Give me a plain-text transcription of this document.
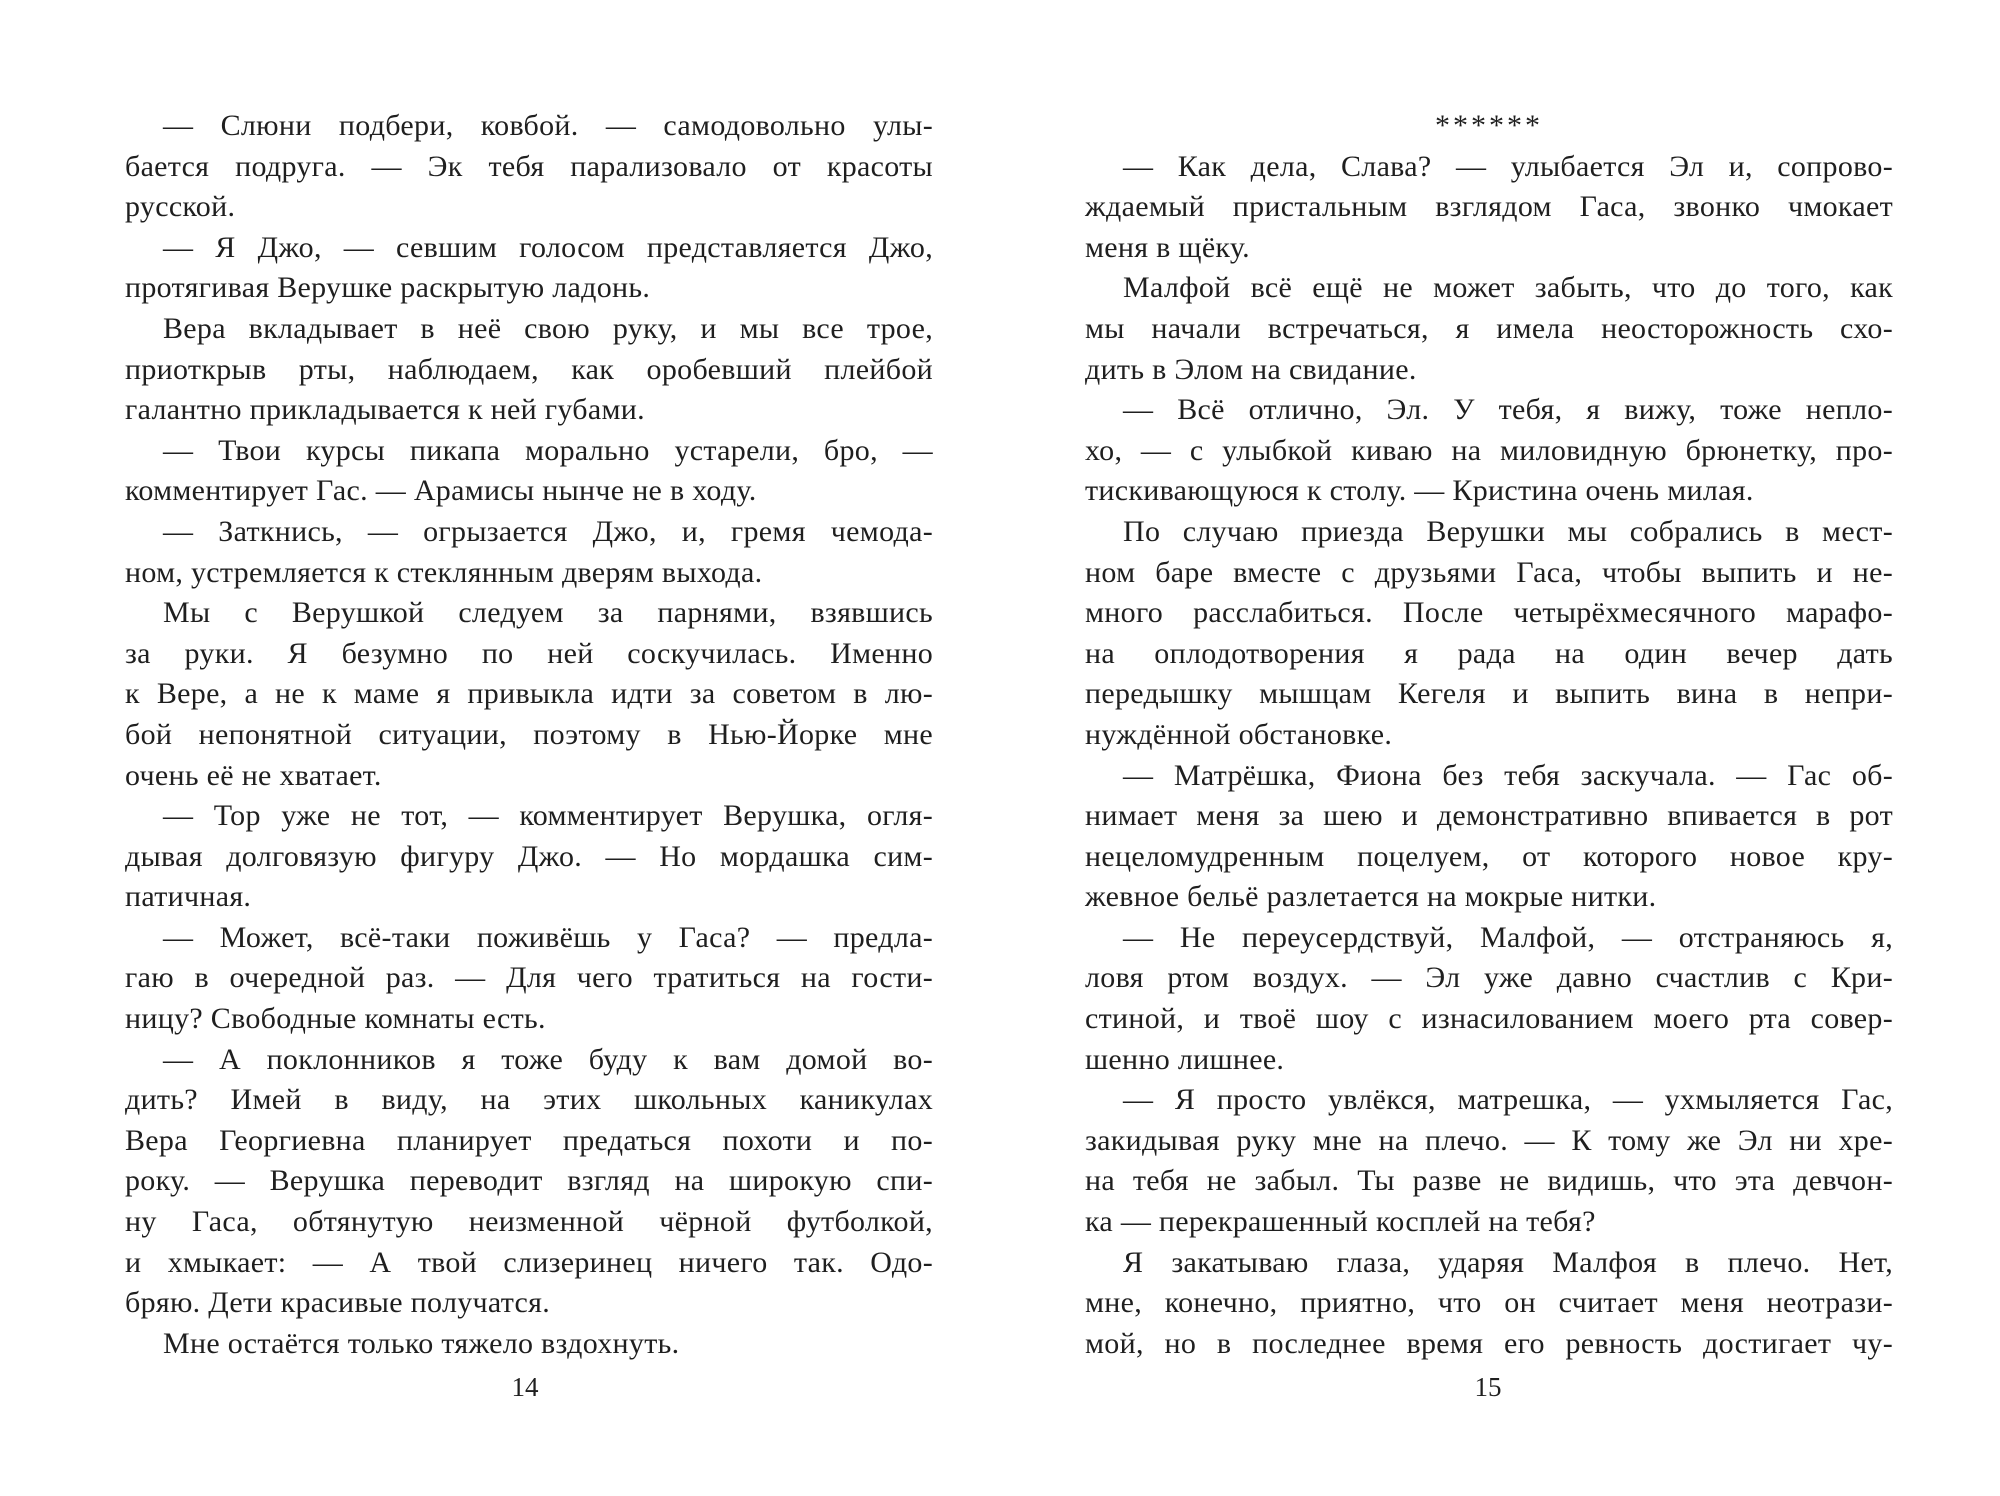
— Слюни подбери, ковбой. — самодовольно улы-
бается подруга. — Эк тебя парализовало от красоты
русской.
— Я Джо, — севшим голосом представляется Джо,
протягивая Верушке раскрытую ладонь.
Вера вкладывает в неё свою руку, и мы все трое,
приоткрыв рты, наблюдаем, как оробевший плейбой
галантно прикладывается к ней губами.
— Твои курсы пикапа морально устарели, бро, —
комментирует Гас. — Арамисы нынче не в ходу.
— Заткнись, — огрызается Джо, и, гремя чемода-
ном, устремляется к стеклянным дверям выхода.
Мы с Верушкой следуем за парнями, взявшись
за руки. Я безумно по ней соскучилась. Именно
к Вере, а не к маме я привыкла идти за советом в лю-
бой непонятной ситуации, поэтому в Нью-Йорке мне
очень её не хватает.
— Тор уже не тот, — комментирует Верушка, огля-
дывая долговязую фигуру Джо. — Но мордашка сим-
патичная.
— Может, всё-таки поживёшь у Гаса? — предла-
гаю в очередной раз. — Для чего тратиться на гости-
ницу? Свободные комнаты есть.
— А поклонников я тоже буду к вам домой во-
дить? Имей в виду, на этих школьных каникулах
Вера Георгиевна планирует предаться похоти и по-
року. — Верушка переводит взгляд на широкую спи-
ну Гаса, обтянутую неизменной чёрной футболкой,
и хмыкает: — А твой слизеринец ничего так. Одо-
бряю. Дети красивые получатся.
Мне остаётся только тяжело вздохнуть.
14
******
— Как дела, Слава? — улыбается Эл и, сопрово-
ждаемый пристальным взглядом Гаса, звонко чмокает
меня в щёку.
Малфой всё ещё не может забыть, что до того, как
мы начали встречаться, я имела неосторожность схо-
дить в Элом на свидание.
— Всё отлично, Эл. У тебя, я вижу, тоже непло-
хо, — с улыбкой киваю на миловидную брюнетку, про-
тискивающуюся к столу. — Кристина очень милая.
По случаю приезда Верушки мы собрались в мест-
ном баре вместе с друзьями Гаса, чтобы выпить и не-
много расслабиться. После четырёхмесячного марафо-
на оплодотворения я рада на один вечер дать
передышку мышцам Кегеля и выпить вина в непри-
нуждённой обстановке.
— Матрёшка, Фиона без тебя заскучала. — Гас об-
нимает меня за шею и демонстративно впивается в рот
нецеломудренным поцелуем, от которого новое кру-
жевное бельё разлетается на мокрые нитки.
— Не переусердствуй, Малфой, — отстраняюсь я,
ловя ртом воздух. — Эл уже давно счастлив с Кри-
стиной, и твоё шоу с изнасилованием моего рта совер-
шенно лишнее.
— Я просто увлёкся, матрешка, — ухмыляется Гас,
закидывая руку мне на плечо. — К тому же Эл ни хре-
на тебя не забыл. Ты разве не видишь, что эта девчон-
ка — перекрашенный косплей на тебя?
Я закатываю глаза, ударяя Малфоя в плечо. Нет,
мне, конечно, приятно, что он считает меня неотрази-
мой, но в последнее время его ревность достигает чу-
15
